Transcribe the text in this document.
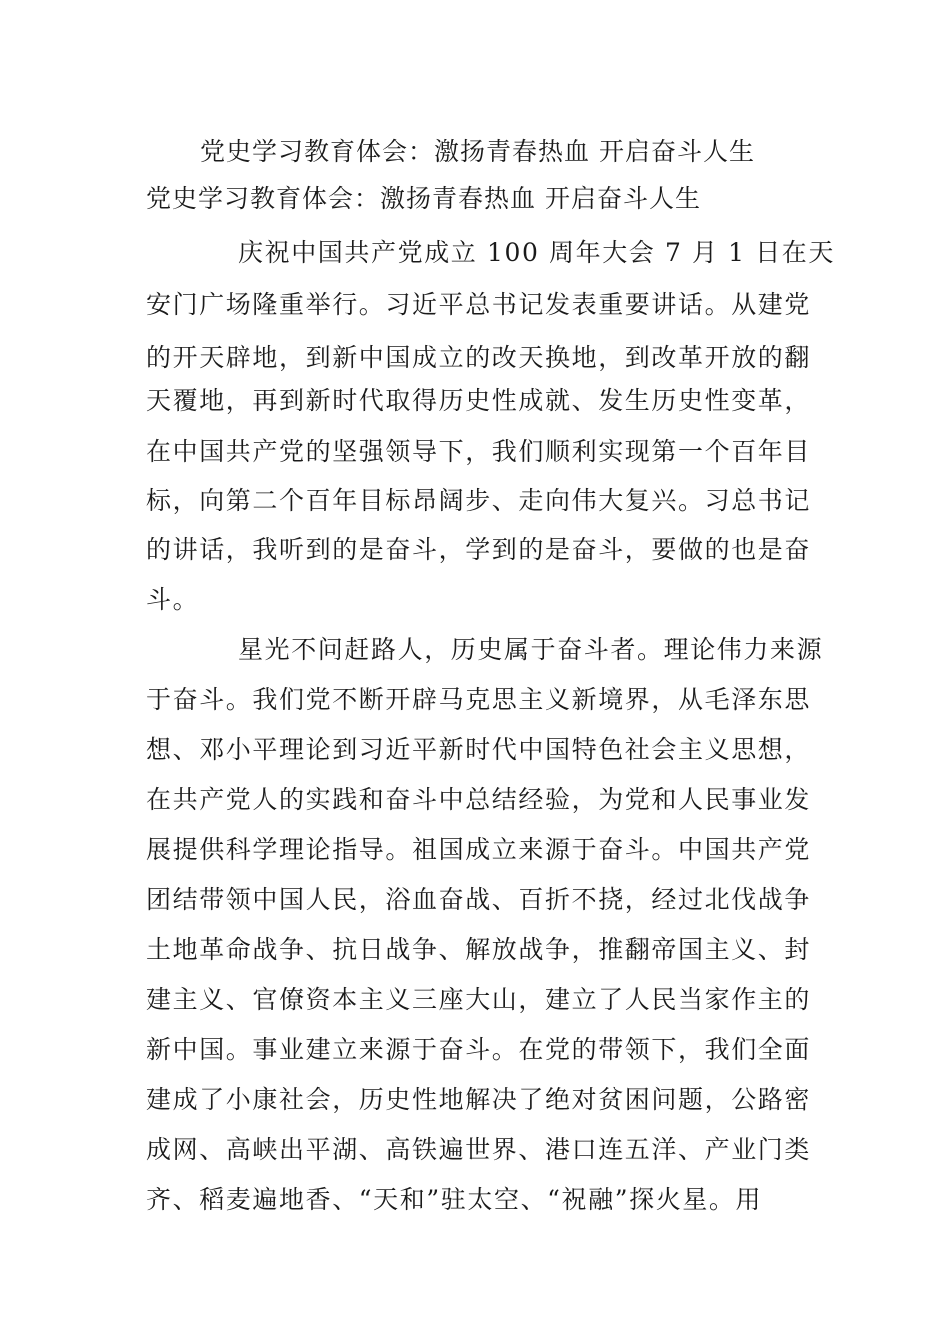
党史学习教育体会：激扬青春热血 开启奋斗人生
党史学习教育体会：激扬青春热血 开启奋斗人生
庆祝中国共产党成立 100 周年大会 7 月 1 日在天
安门广场隆重举行。习近平总书记发表重要讲话。从建党
的开天辟地，到新中国成立的改天换地，到改革开放的翻
天覆地，再到新时代取得历史性成就、发生历史性变革，
在中国共产党的坚强领导下，我们顺利实现第一个百年目
标，向第二个百年目标昂阔步、走向伟大复兴。习总书记
的讲话，我听到的是奋斗，学到的是奋斗，要做的也是奋
斗。
星光不问赶路人，历史属于奋斗者。理论伟力来源
于奋斗。我们党不断开辟马克思主义新境界，从毛泽东思
想、邓小平理论到习近平新时代中国特色社会主义思想，
在共产党人的实践和奋斗中总结经验，为党和人民事业发
展提供科学理论指导。祖国成立来源于奋斗。中国共产党
团结带领中国人民，浴血奋战、百折不挠，经过北伐战争
土地革命战争、抗日战争、解放战争，推翻帝国主义、封
建主义、官僚资本主义三座大山，建立了人民当家作主的
新中国。事业建立来源于奋斗。在党的带领下，我们全面
建成了小康社会，历史性地解决了绝对贫困问题，公路密
成网、高峡出平湖、高铁遍世界、港口连五洋、产业门类
齐、稻麦遍地香、“天和”驻太空、“祝融”探火星。用
